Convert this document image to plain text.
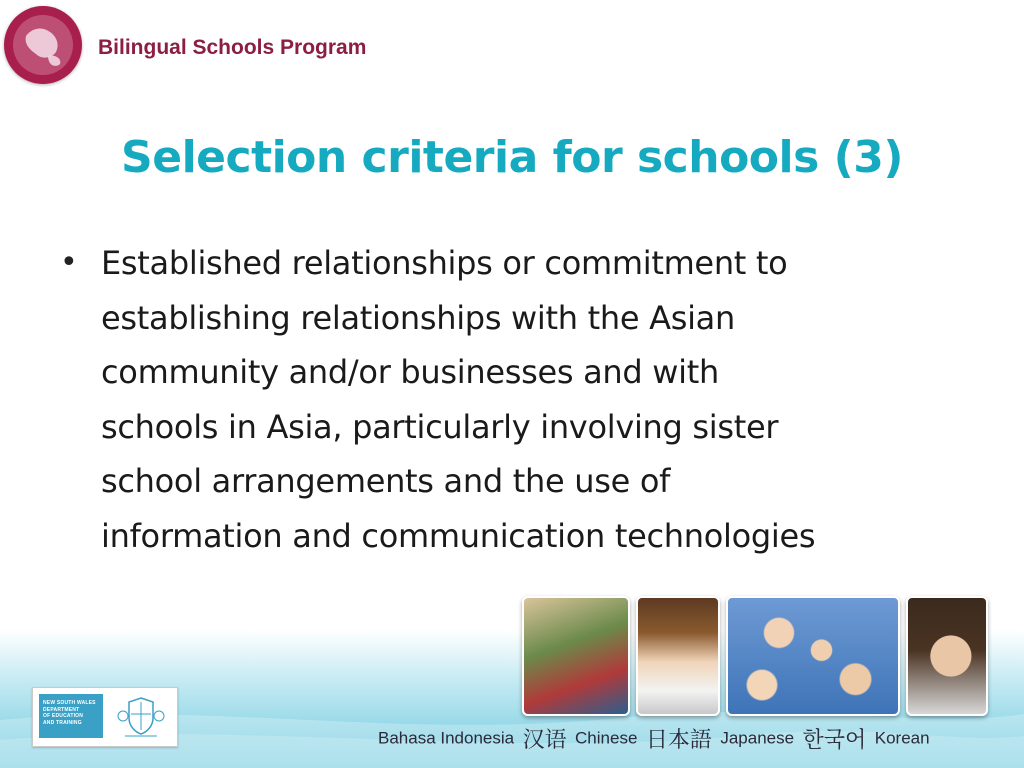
Bilingual Schools Program
Selection criteria for schools (3)
• Established relationships or commitment to
establishing relationships with the Asian
community and/or businesses and with
schools in Asia, particularly involving sister
school arrangements and the use of
information and communication technologies
NEW SOUTH WALES
DEPARTMENT
OF EDUCATION
AND TRAINING
Bahasa Indonesia 汉语 Chinese 日本語 Japanese 한국어 Korean
